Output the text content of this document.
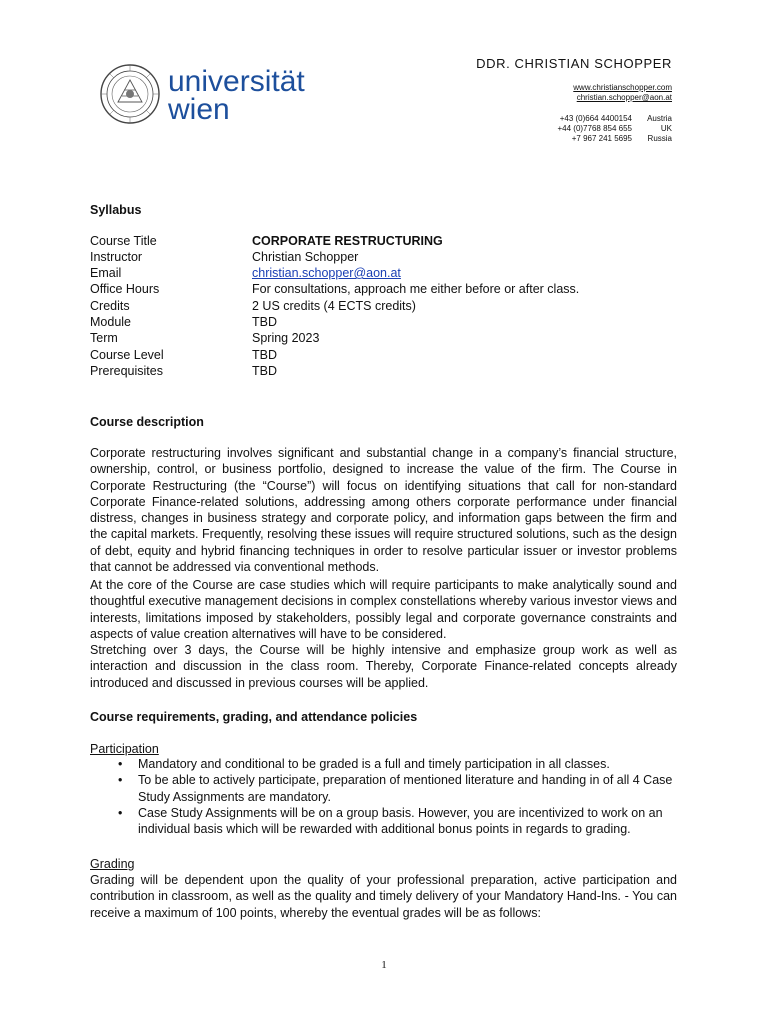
universität
wien
DDR. CHRISTIAN SCHOPPER
www.christianschopper.com
christian.schopper@aon.at
+43 (0)664 4400154	Austria
+44 (0)7768 854 655	UK
+7 967 241 5695	Russia
Syllabus
Course Title	CORPORATE RESTRUCTURING
Instructor	Christian Schopper
Email	christian.schopper@aon.at
Office Hours	For consultations, approach me either before or after class.
Credits	2 US credits (4 ECTS credits)
Module	TBD
Term	Spring 2023
Course Level	TBD
Prerequisites	TBD
Course description

Corporate restructuring involves significant and substantial change in a company’s financial structure, ownership, control, or business portfolio, designed to increase the value of the firm. The Course in Corporate Restructuring (the “Course”) will focus on identifying situations that call for non-standard Corporate Finance-related solutions, addressing among others corporate performance under financial distress, changes in business strategy and corporate policy, and information gaps between the firm and the capital markets. Frequently, resolving these issues will require structured solutions, such as the design of debt, equity and hybrid financing techniques in order to resolve particular issuer or investor problems that cannot be addressed via conventional methods.

At the core of the Course are case studies which will require participants to make analytically sound and thoughtful executive management decisions in complex constellations whereby various investor views and interests, limitations imposed by stakeholders, possibly legal and corporate governance constraints and aspects of value creation alternatives will have to be considered.

Stretching over 3 days, the Course will be highly intensive and emphasize group work as well as interaction and discussion in the class room. Thereby, Corporate Finance-related concepts already introduced and discussed in previous courses will be applied.

Course requirements, grading, and attendance policies
Participation
• Mandatory and conditional to be graded is a full and timely participation in all classes.
• To be able to actively participate, preparation of mentioned literature and handing in of all 4 Case Study Assignments are mandatory.
• Case Study Assignments will be on a group basis. However, you are incentivized to work on an individual basis which will be rewarded with additional bonus points in regards to grading.
Grading

Grading will be dependent upon the quality of your professional preparation, active participation and contribution in classroom, as well as the quality and timely delivery of your Mandatory Hand-Ins. - You can receive a maximum of 100 points, whereby the eventual grades will be as follows:

1
